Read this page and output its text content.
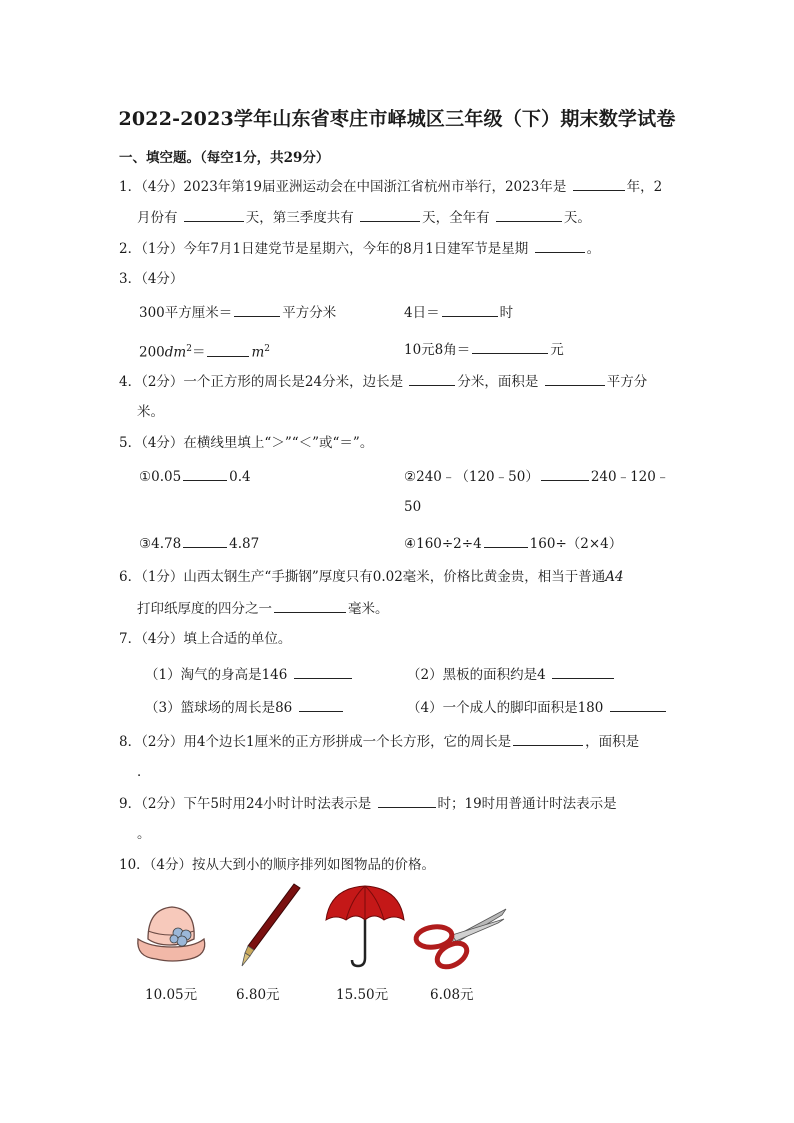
2022-2023学年山东省枣庄市峄城区三年级（下）期末数学试卷
一、填空题。（每空1分，共29分）
1．（4分）2023年第19届亚洲运动会在中国浙江省杭州市举行，2023年是	年，2
月份有	天，第三季度共有	天，全年有	天。
2．（1分）今年7月1日建党节是星期六，今年的8月1日建军节是星期	。
3．（4分）
300平方厘米＝	平方分米	4日＝	时
$200dm^2=$	$m^2$	10元8角＝	元
4．（2分）一个正方形的周长是24分米，边长是	分米，面积是	平方分
米。
5．（4分）在横线里填上“＞”“＜”或“＝”。
①0.05	0.4	②240﹣（120﹣50）	240﹣120﹣
50
③4.78	4.87	④160÷2÷4	160÷（2×4）
6．（1分）山西太钢生产“手撕钢”厚度只有0.02毫米，价格比黄金贵，相当于普通A4
打印纸厚度的四分之一	毫米。
7．（4分）填上合适的单位。
（1）淘气的身高是146	（2）黑板的面积约是4
（3）篮球场的周长是86	（4）一个成人的脚印面积是180
8．（2分）用4个边长1厘米的正方形拼成一个长方形，它的周长是	，面积是
．
9．（2分）下午5时用24小时计时法表示是	时；19时用普通计时法表示是
。
10．（4分）按从大到小的顺序排列如图物品的价格。
10.05元	6.80元	15.50元	6.08元
